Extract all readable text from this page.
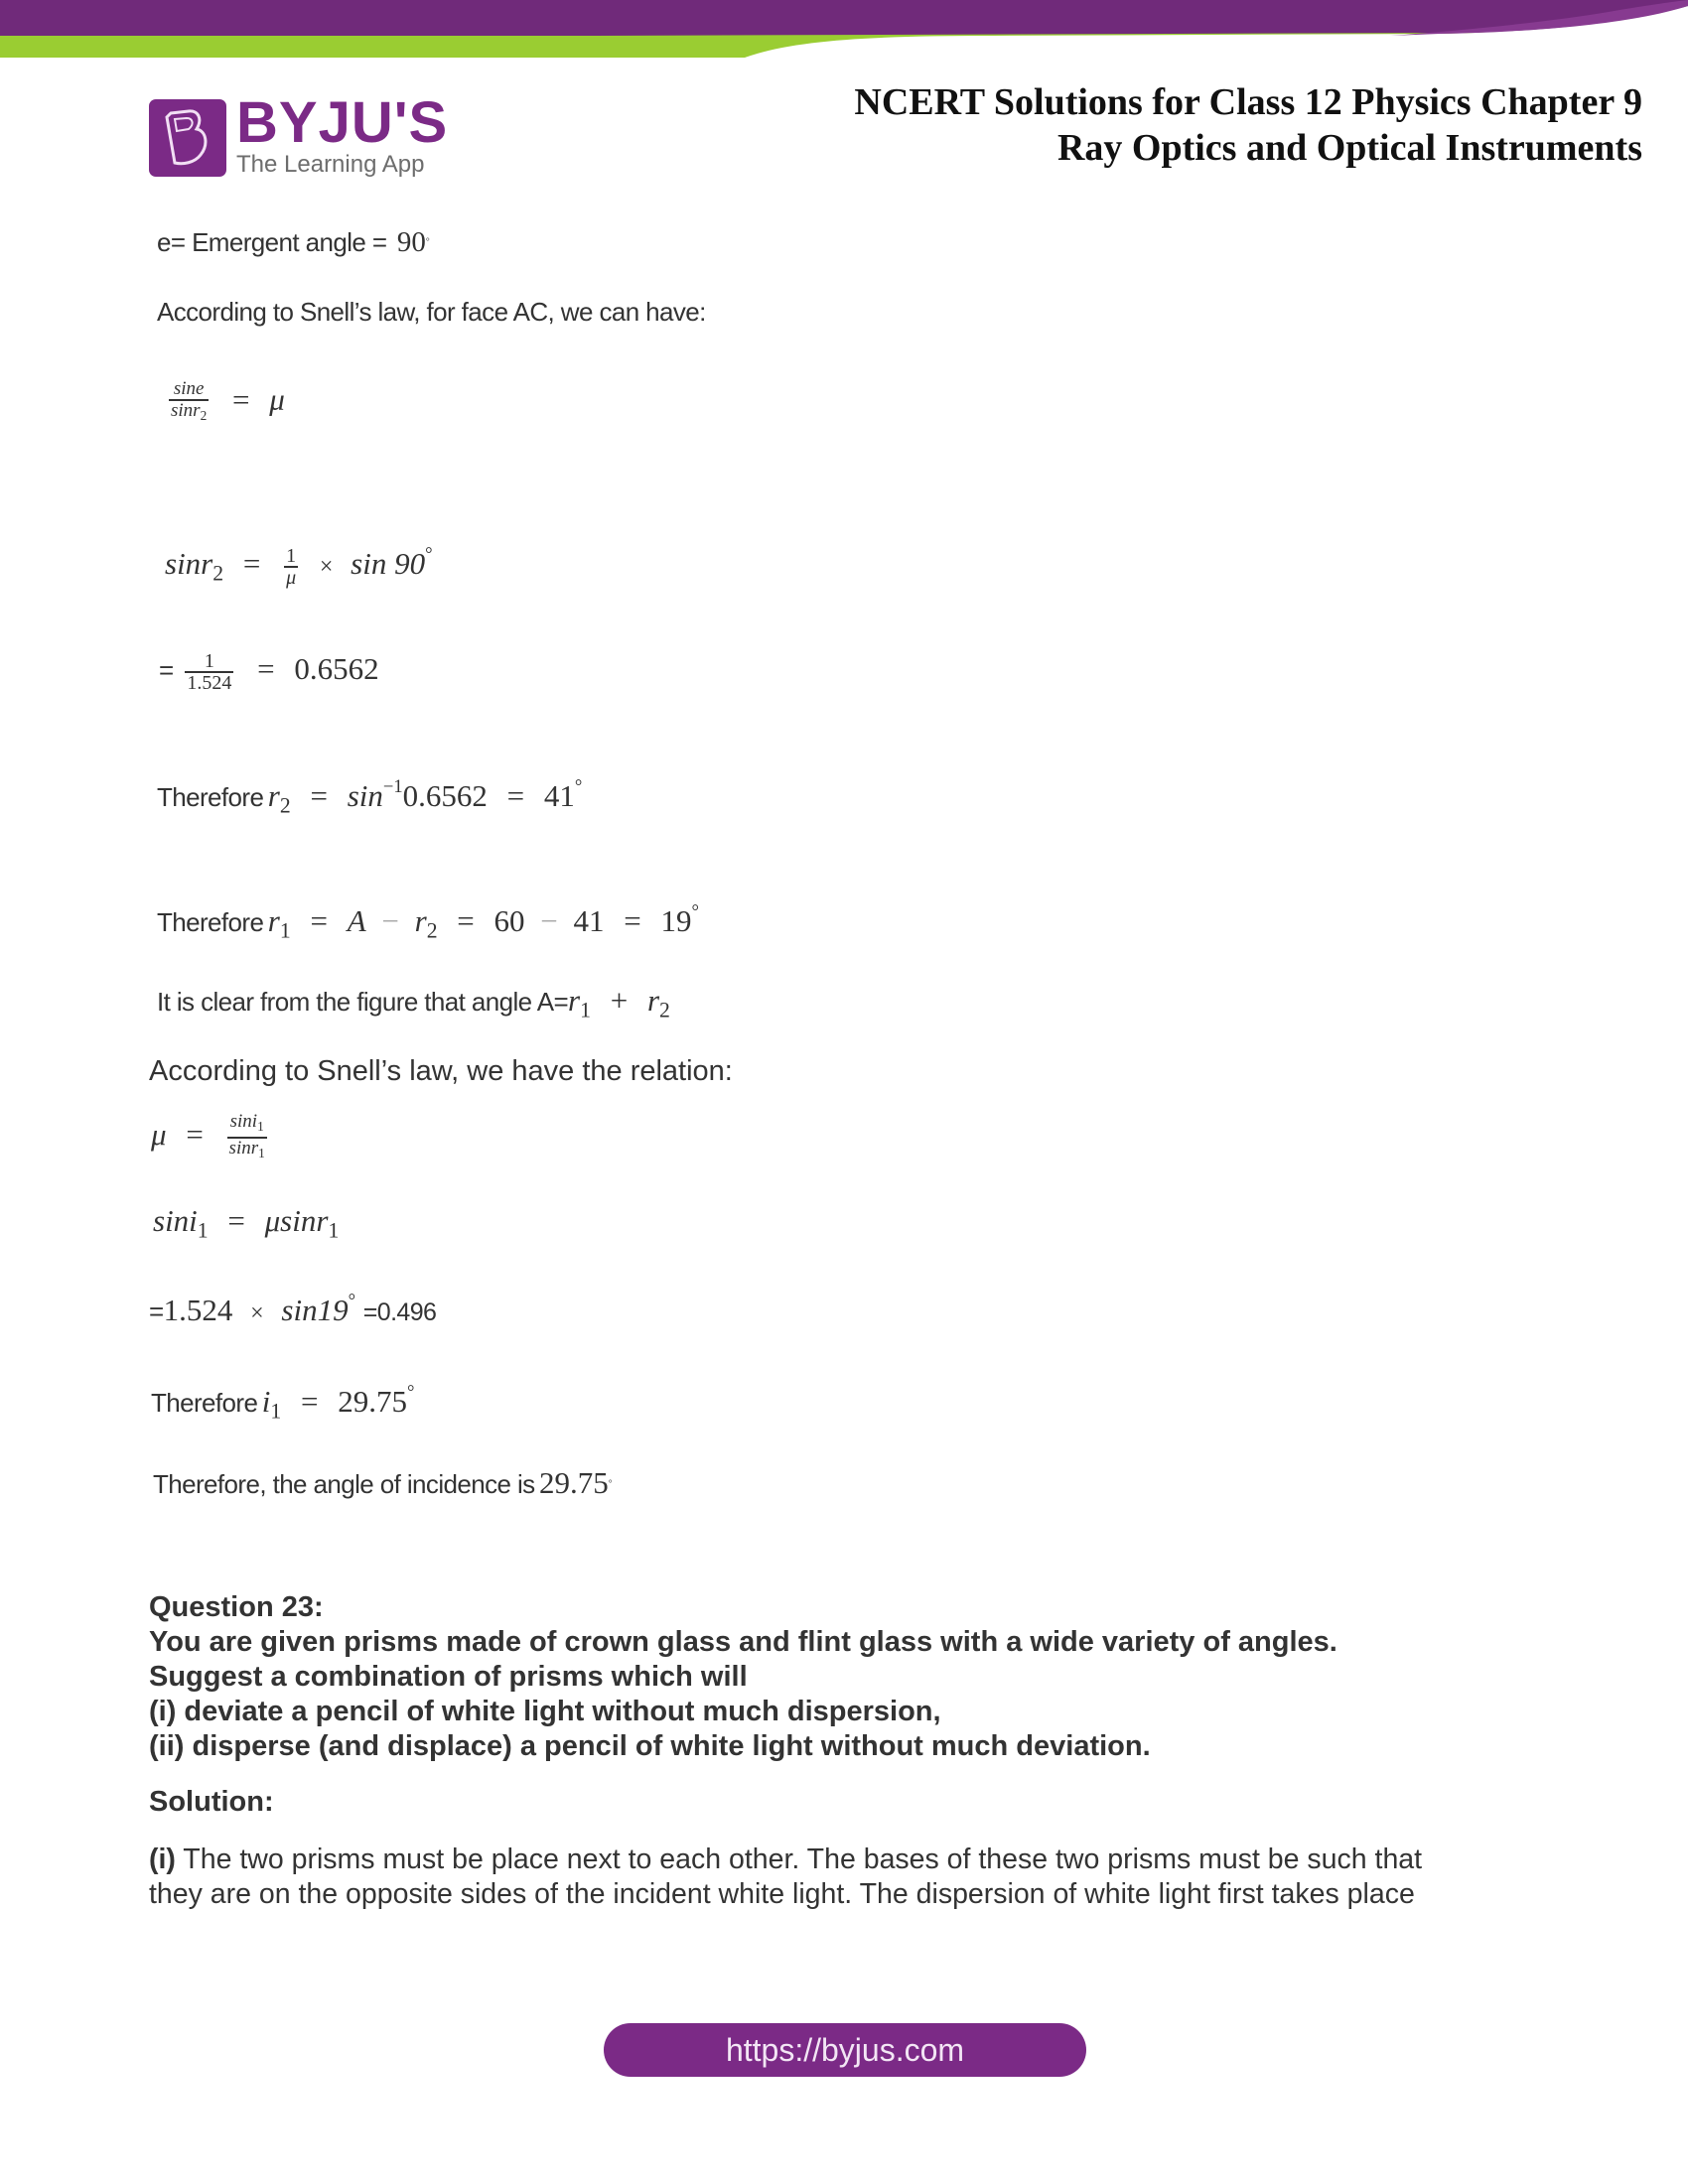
BYJU'S
The Learning App
NCERT Solutions for Class 12 Physics Chapter 9
Ray Optics and Optical Instruments
e= Emergent angle = 90°
According to Snell’s law, for face AC, we can have:
$\frac{\sin e}{\sin r_2} = \mu$
$\sin r_2 = \frac{1}{\mu} \times \sin 90^\circ$
= $\frac{1}{1.524} = 0.6562$
Therefore $r_2 = \sin^{-1}0.6562 = 41^\circ$
Therefore $r_1 = A - r_2 = 60 - 41 = 19^\circ$
It is clear from the figure that angle $A=r_1 + r_2$
According to Snell’s law, we have the relation:
$\mu = \frac{\sin i_1}{\sin r_1}$
sini$_1$ = μsinr$_1$
=1.524 × sin19° =0.496
Therefore $i_1 = 29.75^\circ$
Therefore, the angle of incidence is 29.75°
Question 23:
You are given prisms made of crown glass and flint glass with a wide variety of angles.
Suggest a combination of prisms which will
(i) deviate a pencil of white light without much dispersion,
(ii) disperse (and displace) a pencil of white light without much deviation.
Solution:
(i) The two prisms must be place next to each other. The bases of these two prisms must be such that
they are on the opposite sides of the incident white light. The dispersion of white light first takes place
https://byjus.com
